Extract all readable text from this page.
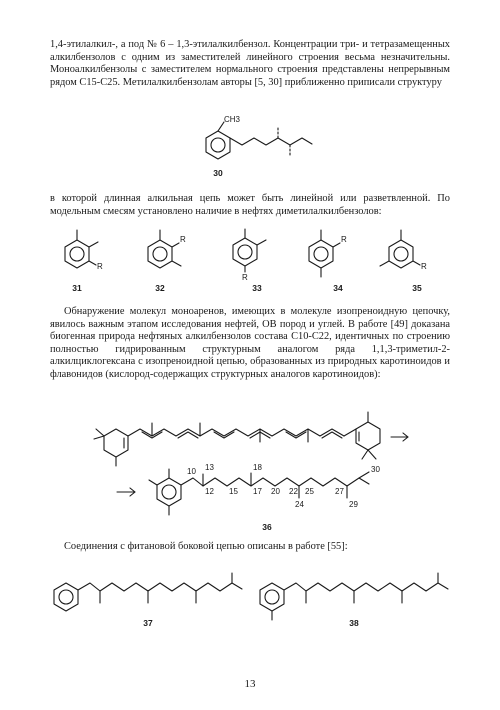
1,4-этилалкил-, а под № 6 – 1,3-этилалкилбензол. Концентрации три- и тетразамещенных алкилбензолов с одним из заместителей линейного строения весьма незначительны. Моноалкилбензолы с заместителем нормального строения представлены непрерывным рядом С15-С25. Метилалкилбензолам авторы [5, 30] приближенно приписали структуру

CH3
30

в которой длинная алкильная цепь может быть линейной или разветвленной. По модельным смесям установлено наличие в нефтях диметилалкилбензолов:

R
31
R
32
R
33
R
34
R
35

Обнаружение молекул моноаренов, имеющих в молекуле изопреноидную цепочку, явилось важным этапом исследования нефтей, ОВ пород и углей. В работе [49] доказана биогенная природа нефтяных алкилбензолов состава С10-С22, идентичных по строению полностью гидрированным структурным аналогом ряда 1,1,3-триметил-2-алкилциклогексана с изопреноидной цепью, образованных из природных каротиноидов и флавонидов (кислород-содержащих структурных аналогов каротиноидов):

10
12
13
15 17
18
20 22
24
25	27
29
30
36

Соединения с фитановой боковой цепью описаны в работе [55]:

37	38
13
